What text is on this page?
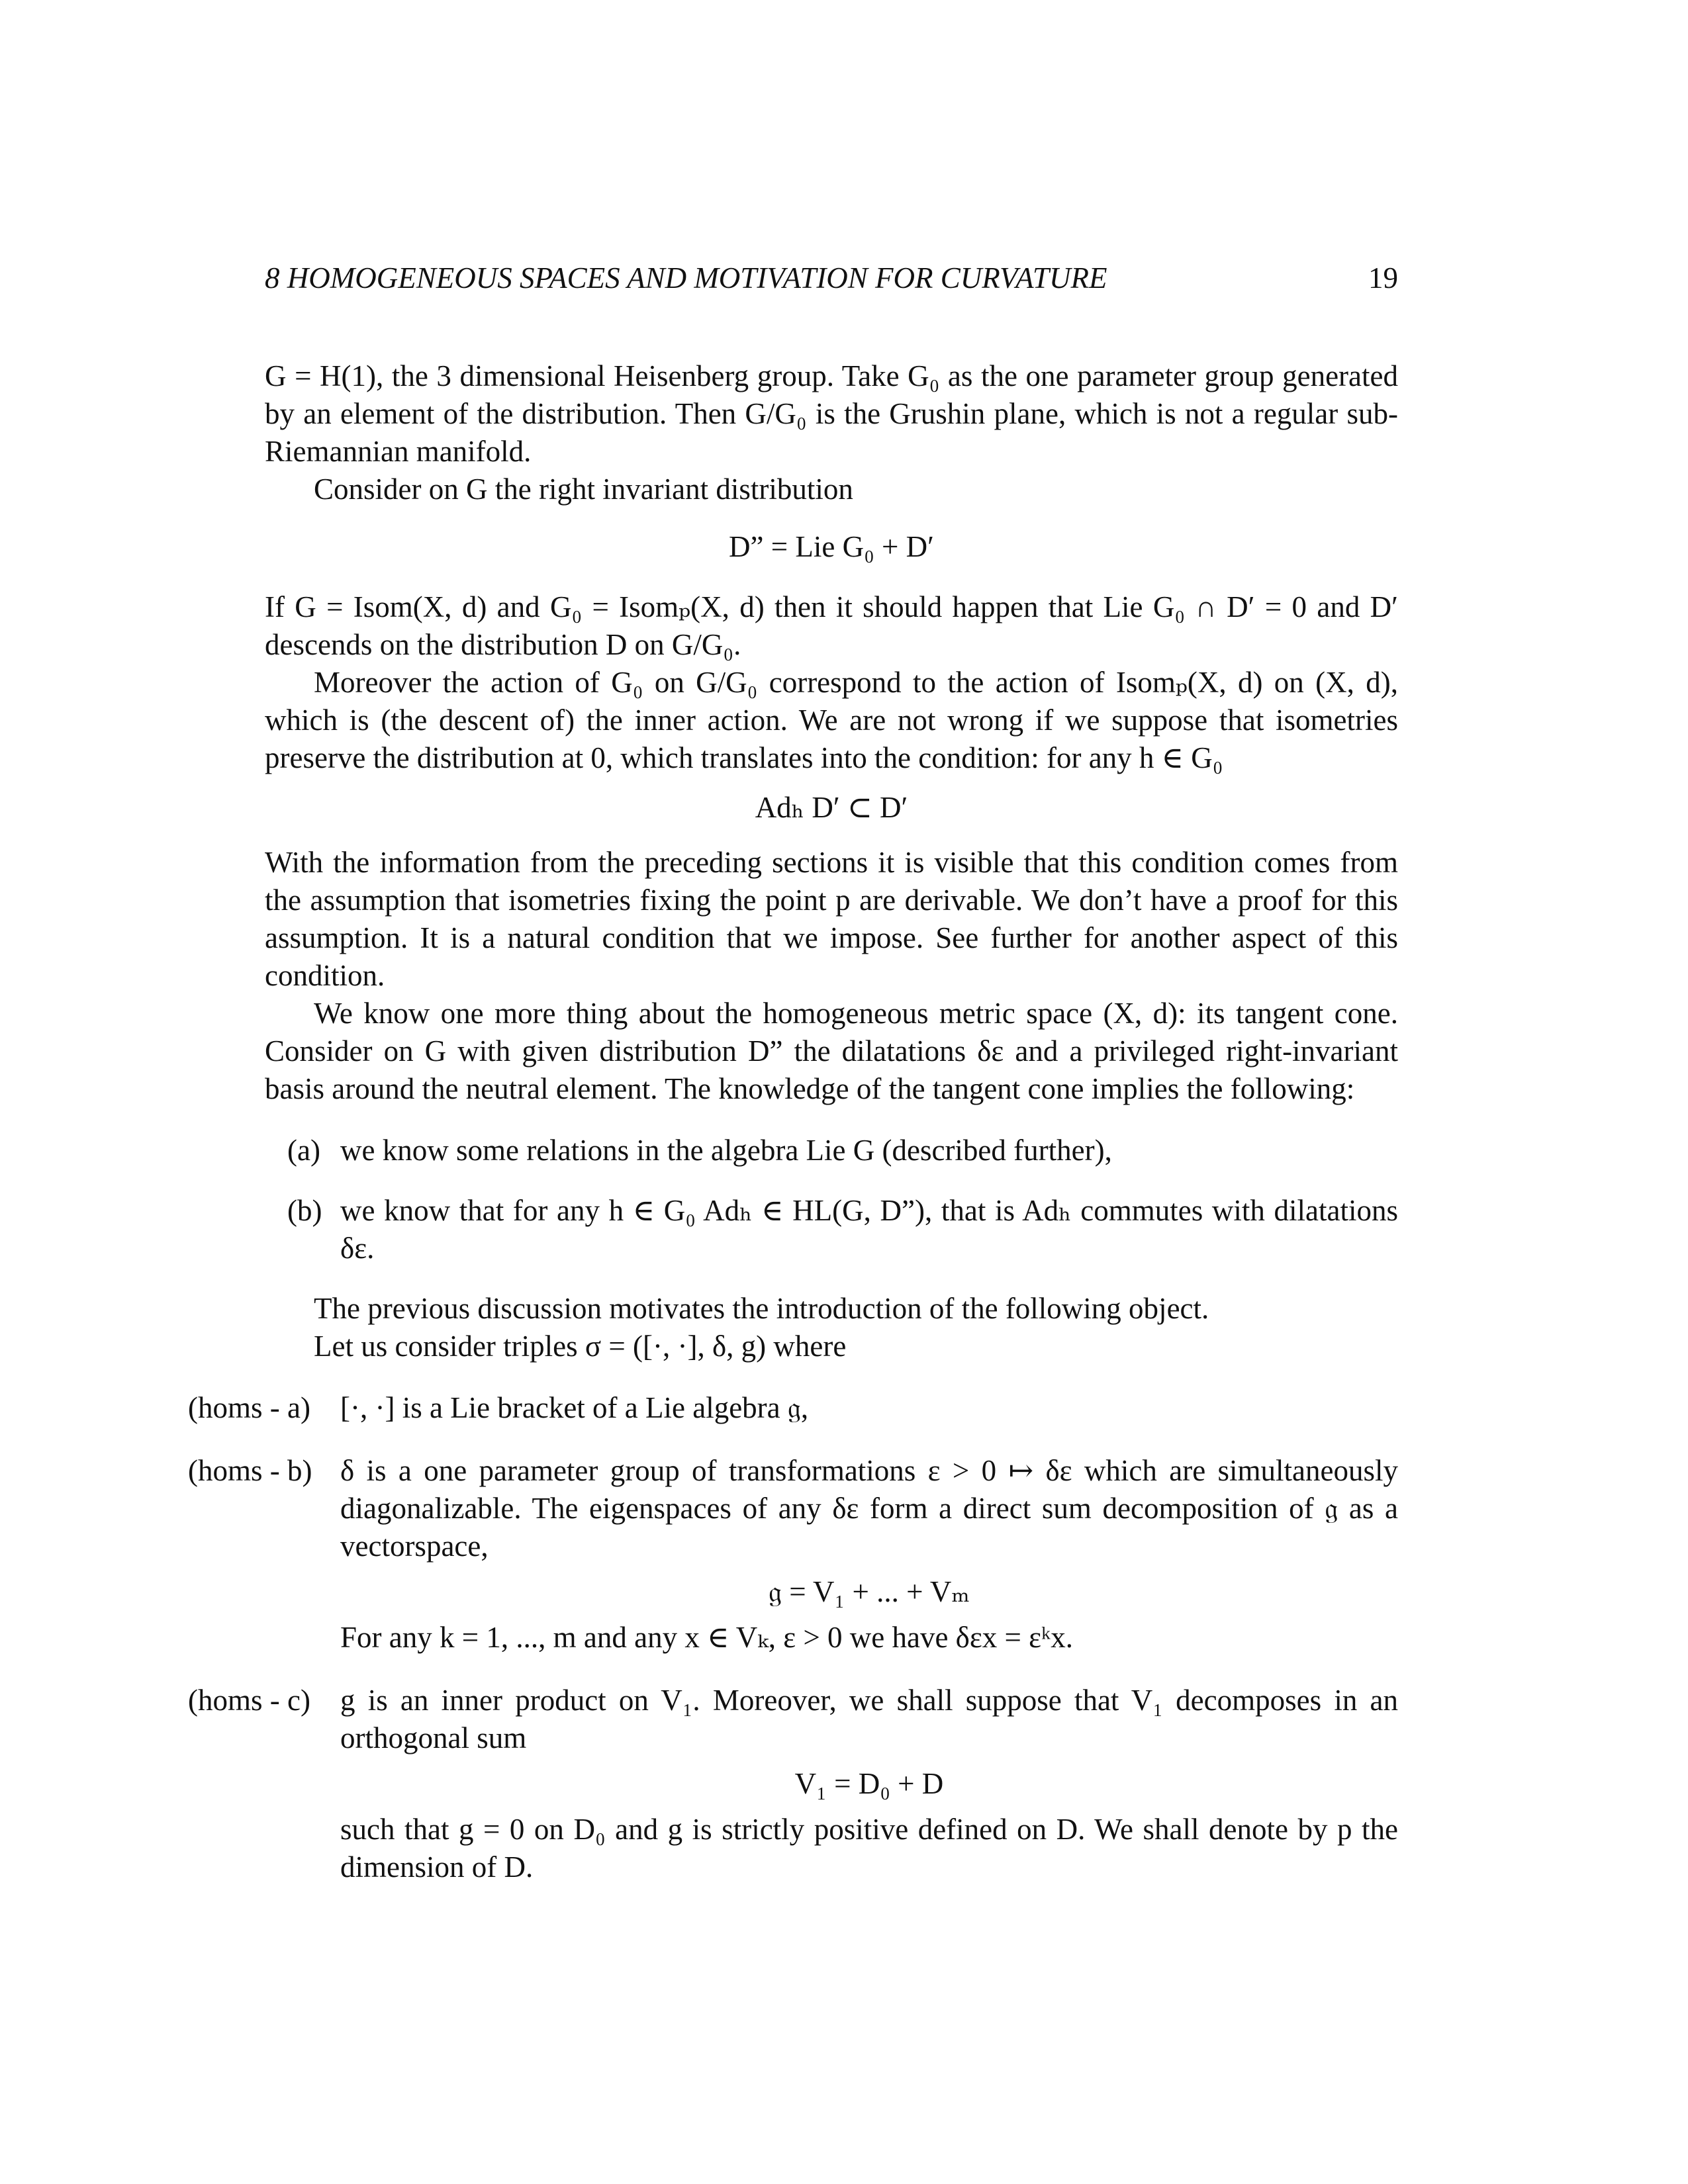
8 HOMOGENEOUS SPACES AND MOTIVATION FOR CURVATURE	19

G = H(1), the 3 dimensional Heisenberg group. Take G₀ as the one parameter group generated by an element of the distribution. Then G/G₀ is the Grushin plane, which is not a regular sub-Riemannian manifold.

Consider on G the right invariant distribution

D” = Lie G₀ + D′

If G = Isom(X, d) and G₀ = Isomₚ(X, d) then it should happen that Lie G₀ ∩ D′ = 0 and D′ descends on the distribution D on G/G₀.

Moreover the action of G₀ on G/G₀ correspond to the action of Isomₚ(X, d) on (X, d), which is (the descent of) the inner action. We are not wrong if we suppose that isometries preserve the distribution at 0, which translates into the condition: for any h ∈ G₀

Adₕ D′ ⊂ D′

With the information from the preceding sections it is visible that this condition comes from the assumption that isometries fixing the point p are derivable. We don’t have a proof for this assumption. It is a natural condition that we impose. See further for another aspect of this condition.

We know one more thing about the homogeneous metric space (X, d): its tangent cone. Consider on G with given distribution D” the dilatations δε and a privileged right-invariant basis around the neutral element. The knowledge of the tangent cone implies the following:

(a) we know some relations in the algebra Lie G (described further),
(b) we know that for any h ∈ G₀ Adₕ ∈ HL(G, D”), that is Adₕ commutes with dilatations δε.

The previous discussion motivates the introduction of the following object.

Let us consider triples σ = ([·, ·], δ, g) where

(homs - a)	[·, ·] is a Lie bracket of a Lie algebra 𝔤,
(homs - b) δ is a one parameter group of transformations ε > 0 ↦ δε which are simultaneously diagonalizable. The eigenspaces of any δε form a direct sum decomposition of 𝔤 as a vectorspace,
𝔤 = V₁ + ... + Vₘ
For any k = 1, ..., m and any x ∈ Vₖ, ε > 0 we have δεx = εᵏx.
(homs - c)	g is an inner product on V₁. Moreover, we shall suppose that V₁ decomposes in an orthogonal sum
V₁ = D₀ + D
such that g = 0 on D₀ and g is strictly positive defined on D. We shall denote by p the dimension of D.
